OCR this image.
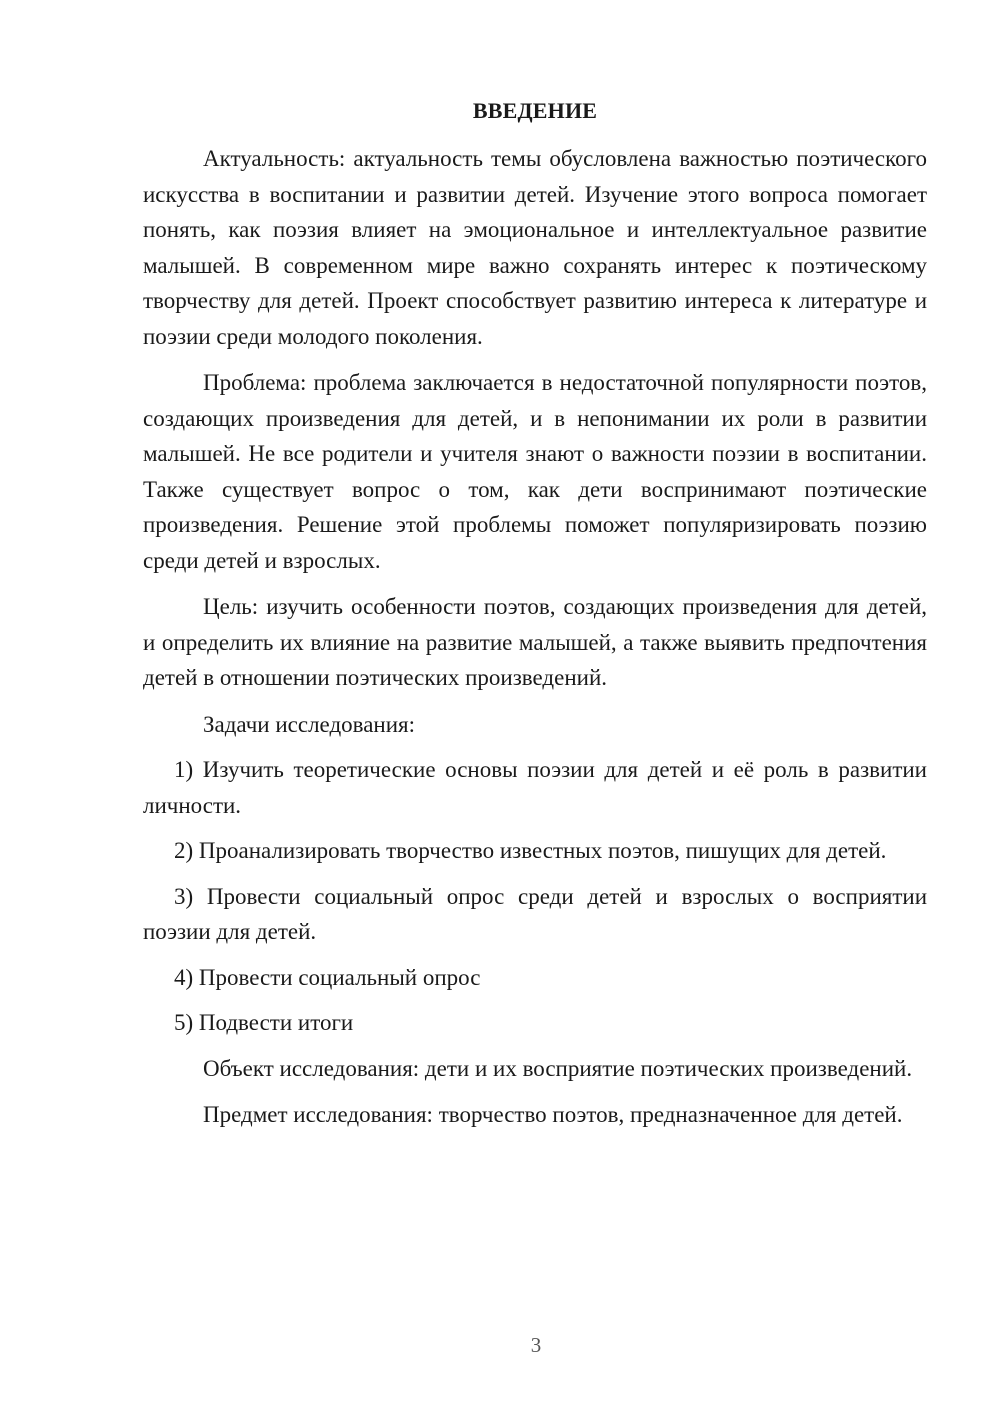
ВВЕДЕНИЕ

Актуальность: актуальность темы обусловлена важностью поэтического искусства в воспитании и развитии детей. Изучение этого вопроса помогает понять, как поэзия влияет на эмоциональное и интеллектуальное развитие малышей. В современном мире важно сохранять интерес к поэтическому творчеству для детей. Проект способствует развитию интереса к литературе и поэзии среди молодого поколения.

Проблема: проблема заключается в недостаточной популярности поэтов, создающих произведения для детей, и в непонимании их роли в развитии малышей. Не все родители и учителя знают о важности поэзии в воспитании. Также существует вопрос о том, как дети воспринимают поэтические произведения. Решение этой проблемы поможет популяризировать поэзию среди детей и взрослых.

Цель: изучить особенности поэтов, создающих произведения для детей, и определить их влияние на развитие малышей, а также выявить предпочтения детей в отношении поэтических произведений.

Задачи исследования:

1) Изучить теоретические основы поэзии для детей и её роль в развитии личности.

2) Проанализировать творчество известных поэтов, пишущих для детей.

3) Провести социальный опрос среди детей и взрослых о восприятии поэзии для детей.

4) Провести социальный опрос

5) Подвести итоги

Объект исследования: дети и их восприятие поэтических произведений.

Предмет исследования: творчество поэтов, предназначенное для детей.

3
